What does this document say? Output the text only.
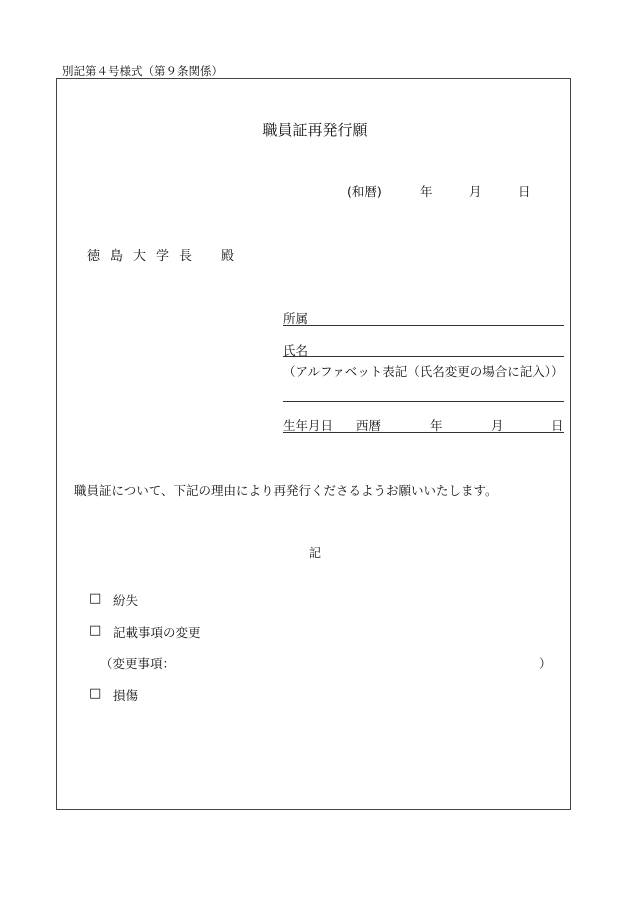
別記第４号様式（第９条関係）
職員証再発行願
(和暦)	年	月	日
徳島大学長 殿
所属
氏名
（アルファベット表記（氏名変更の場合に記入））
生年月日 西暦	年	月	日
職員証について、下記の理由により再発行くださるようお願いいたします。
記
□ 紛失
□ 記載事項の変更
（変更事項：	）
□ 損傷
